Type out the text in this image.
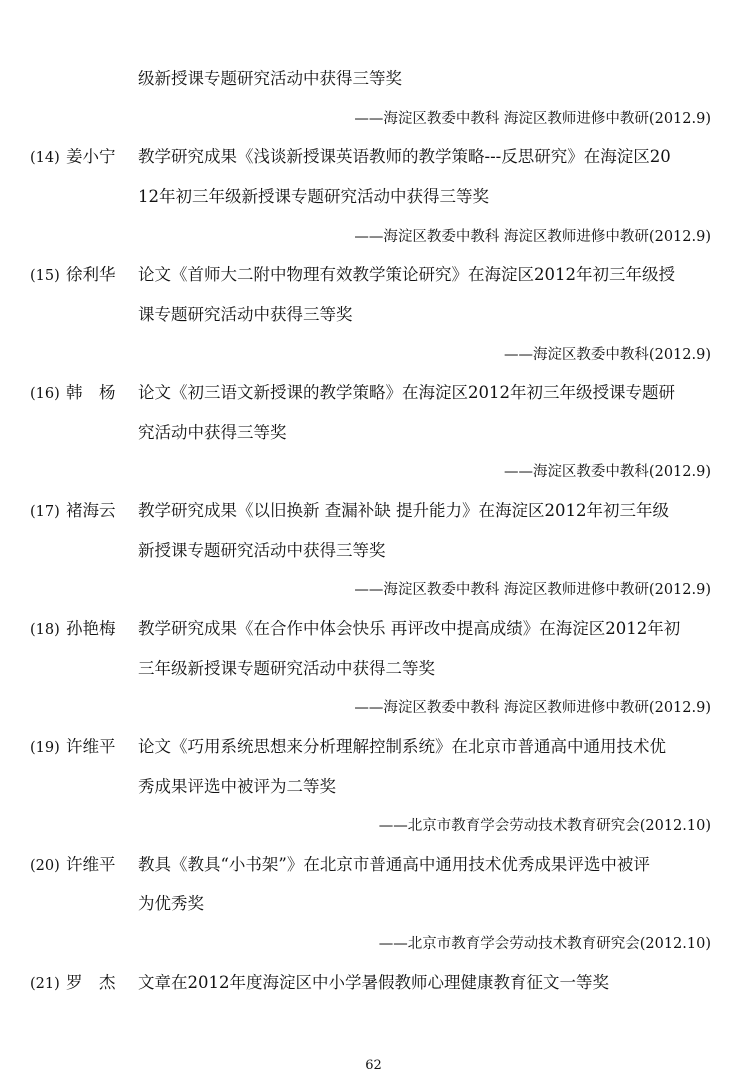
级新授课专题研究活动中获得三等奖
——海淀区教委中教科 海淀区教师进修中教研(2012.9)
(14) 姜小宁 教学研究成果《浅谈新授课英语教师的教学策略---反思研究》在海淀区20
12年初三年级新授课专题研究活动中获得三等奖
——海淀区教委中教科 海淀区教师进修中教研(2012.9)
(15) 徐利华 论文《首师大二附中物理有效教学策论研究》在海淀区2012年初三年级授
课专题研究活动中获得三等奖
——海淀区教委中教科(2012.9)
(16) 韩　杨 论文《初三语文新授课的教学策略》在海淀区2012年初三年级授课专题研
究活动中获得三等奖
——海淀区教委中教科(2012.9)
(17) 褚海云 教学研究成果《以旧换新 查漏补缺 提升能力》在海淀区2012年初三年级
新授课专题研究活动中获得三等奖
——海淀区教委中教科 海淀区教师进修中教研(2012.9)
(18) 孙艳梅 教学研究成果《在合作中体会快乐 再评改中提高成绩》在海淀区2012年初
三年级新授课专题研究活动中获得二等奖
——海淀区教委中教科 海淀区教师进修中教研(2012.9)
(19) 许维平 论文《巧用系统思想来分析理解控制系统》在北京市普通高中通用技术优
秀成果评选中被评为二等奖
——北京市教育学会劳动技术教育研究会(2012.10)
(20) 许维平 教具《教具“小书架”》在北京市普通高中通用技术优秀成果评选中被评
为优秀奖
——北京市教育学会劳动技术教育研究会(2012.10)
(21) 罗　杰 文章在2012年度海淀区中小学暑假教师心理健康教育征文一等奖
62
